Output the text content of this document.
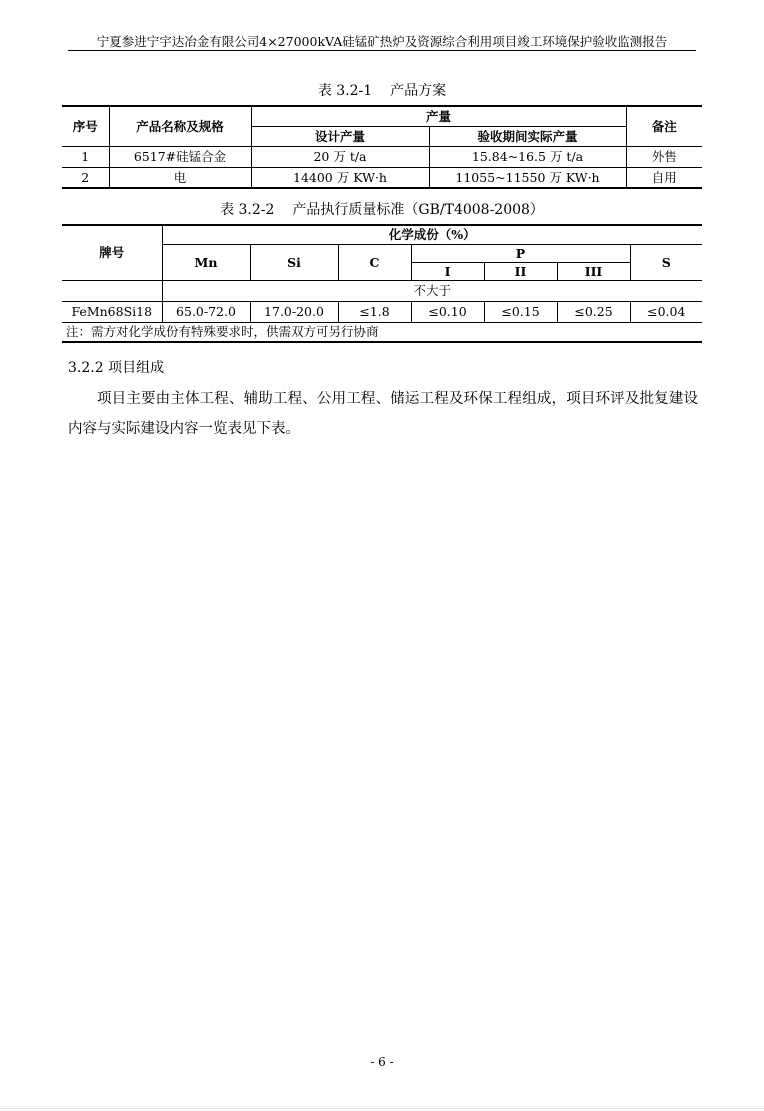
宁夏参进宁宇达冶金有限公司4×27000kVA硅锰矿热炉及资源综合利用项目竣工环境保护验收监测报告
表 3.2-1 产品方案
序号	产品名称及规格	产量		备注
		设计产量	验收期间实际产量	
1	6517#硅锰合金	20 万 t/a	15.84~16.5 万 t/a	外售
2	电	14400 万 KW·h	11055~11550 万 KW·h	自用
表 3.2-2 产品执行质量标准（GB/T4008-2008）
牌号	化学成份（%）						
	Mn	Si	C	P			S
				I	II	III	
	不大于						
FeMn68Si18	65.0-72.0	17.0-20.0	≤1.8	≤0.10	≤0.15	≤0.25	≤0.04
注：需方对化学成份有特殊要求时，供需双方可另行协商							
3.2.2 项目组成
项目主要由主体工程、辅助工程、公用工程、储运工程及环保工程组成，项目环评及批复建设内容与实际建设内容一览表见下表。
- 6 -
